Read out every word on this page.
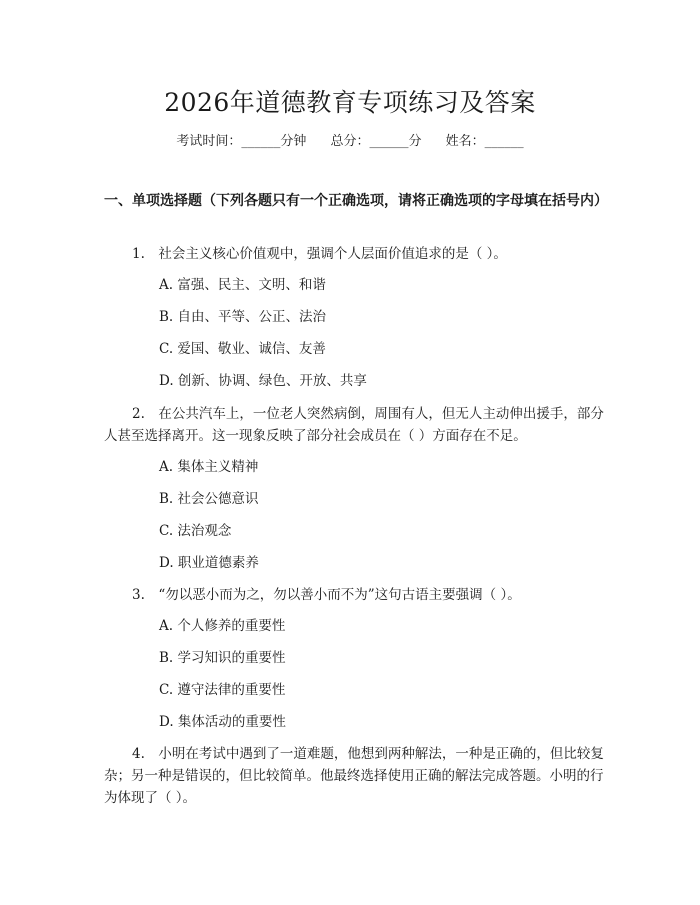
2026年道德教育专项练习及答案
考试时间：______分钟 总分：______分 姓名：______
一、单项选择题（下列各题只有一个正确选项，请将正确选项的字母填在括号内）
1.　社会主义核心价值观中，强调个人层面价值追求的是（ ）。
A. 富强、民主、文明、和谐
B. 自由、平等、公正、法治
C. 爱国、敬业、诚信、友善
D. 创新、协调、绿色、开放、共享
2.　在公共汽车上，一位老人突然病倒，周围有人，但无人主动伸出援手，部分人甚至选择离开。这一现象反映了部分社会成员在（ ）方面存在不足。
A. 集体主义精神
B. 社会公德意识
C. 法治观念
D. 职业道德素养
3.　“勿以恶小而为之，勿以善小而不为”这句古语主要强调（ ）。
A. 个人修养的重要性
B. 学习知识的重要性
C. 遵守法律的重要性
D. 集体活动的重要性
4.　小明在考试中遇到了一道难题，他想到两种解法，一种是正确的，但比较复杂；另一种是错误的，但比较简单。他最终选择使用正确的解法完成答题。小明的行为体现了（ ）。
